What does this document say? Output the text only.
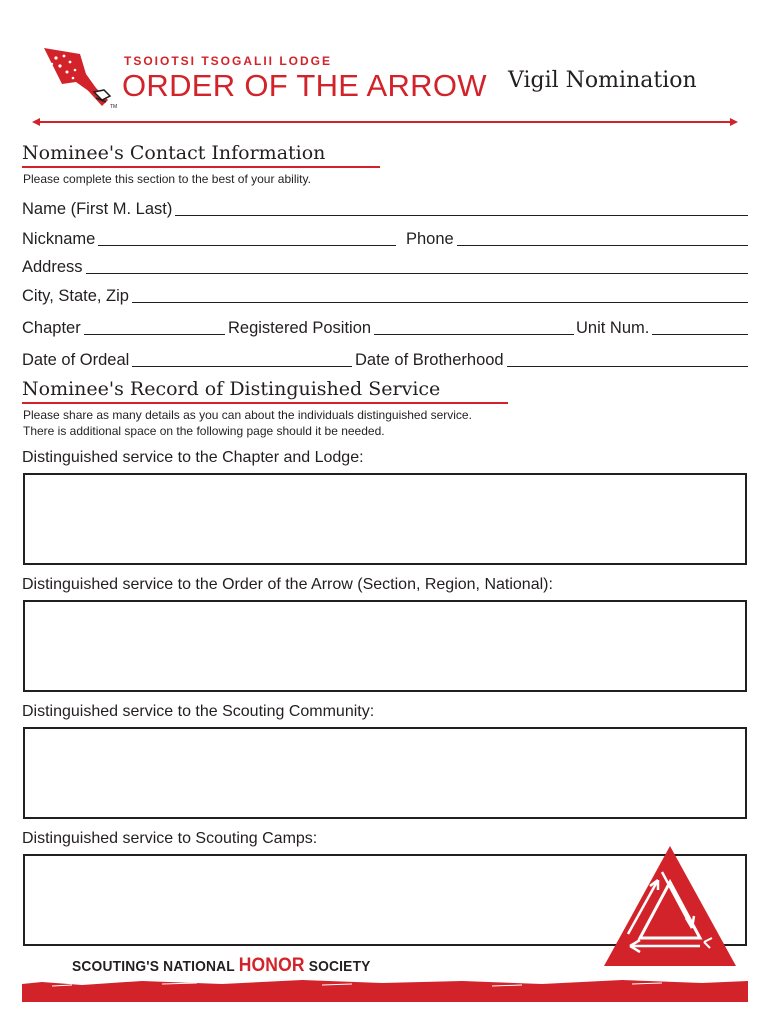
TSOIOTSI TSOGALII LODGE
ORDER OF THE ARROW
TM
Vigil Nomination
Nominee's Contact Information
Please complete this section to the best of your ability.
Name (First M. Last)
Nickname	Phone
Address
City, State, Zip
Chapter	Registered Position	Unit Num.
Date of Ordeal	Date of Brotherhood
Nominee's Record of Distinguished Service
Please share as many details as you can about the individuals distinguished service.
There is additional space on the following page should it be needed.
Distinguished service to the Chapter and Lodge:
Distinguished service to the Order of the Arrow (Section, Region, National):
Distinguished service to the Scouting Community:
Distinguished service to Scouting Camps:
SCOUTING'S NATIONAL HONOR SOCIETY
